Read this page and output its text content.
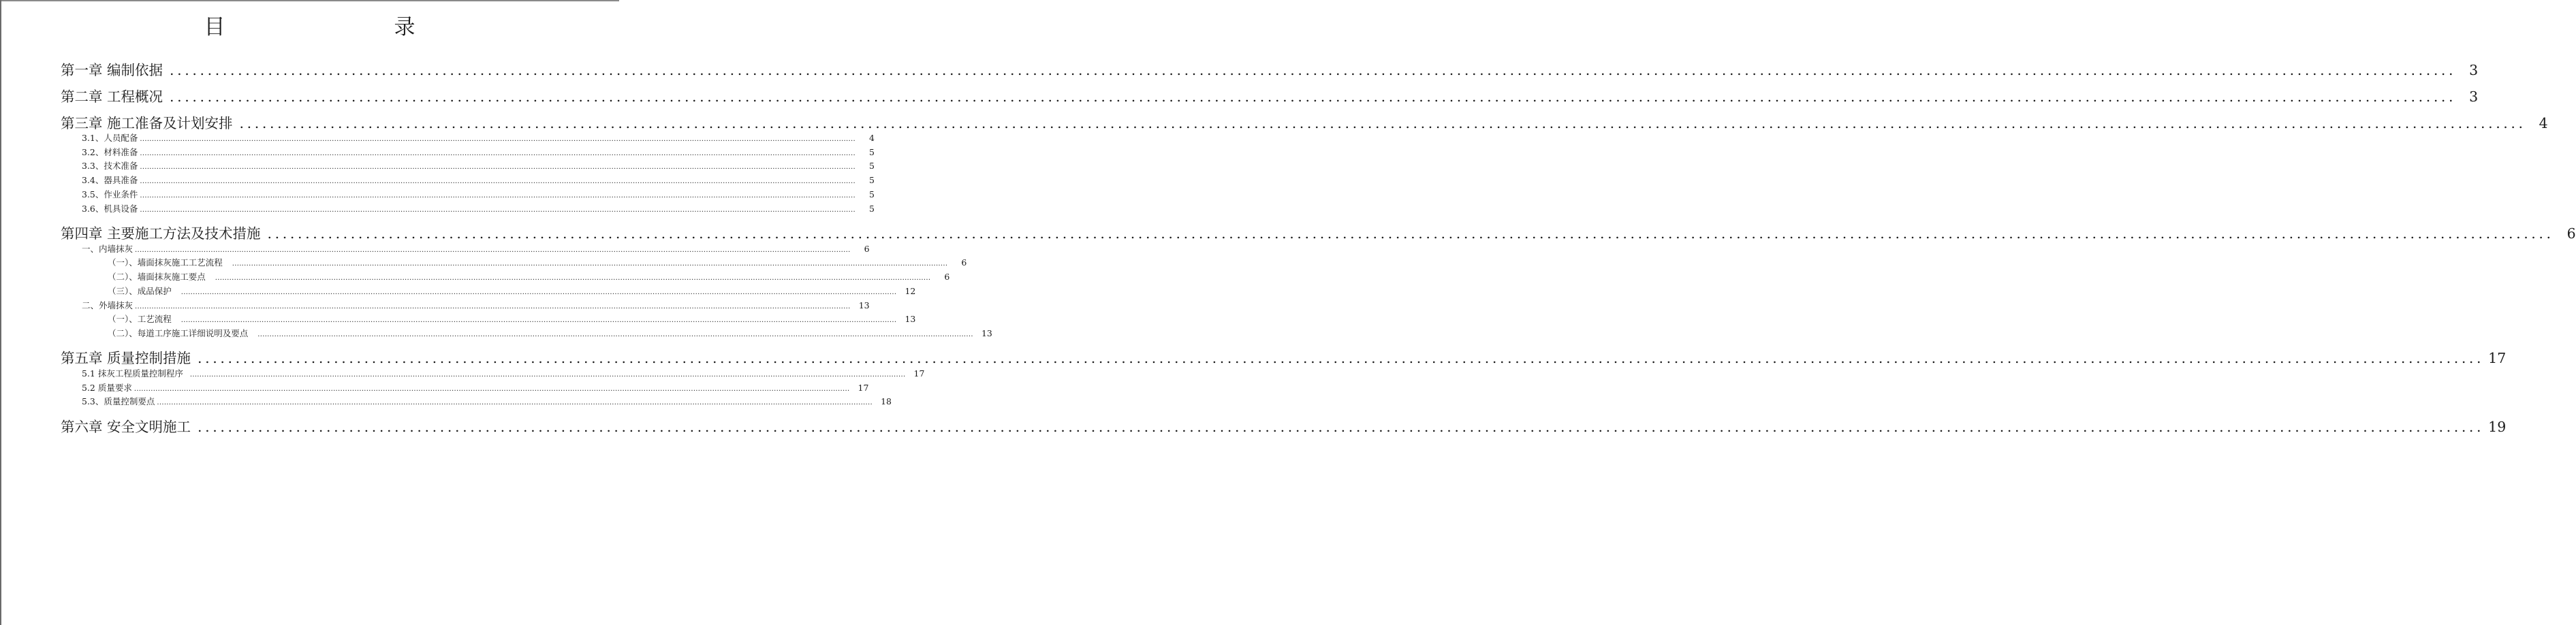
目　　录
第一章 编制依据 .............................................................................................................................................................................................................................................................................................................. 3
第二章 工程概况 .............................................................................................................................................................................................................................................................................................................. 3
第三章 施工准备及计划安排 .............................................................................................................................................................................................................................................................................................................. 4
3.1、人员配备 ..............................................................................................................................................................................................................................................................................................................	4
3.2、材料准备 ..............................................................................................................................................................................................................................................................................................................	5
3.3、技术准备 ..............................................................................................................................................................................................................................................................................................................	5
3.4、器具准备 ..............................................................................................................................................................................................................................................................................................................	5
3.5、作业条件 ..............................................................................................................................................................................................................................................................................................................	5
3.6、机具设备 ..............................................................................................................................................................................................................................................................................................................	5
第四章 主要施工方法及技术措施 .............................................................................................................................................................................................................................................................................................................. 6
一、内墙抹灰 ..............................................................................................................................................................................................................................................................................................................	6
（一）、墙面抹灰施工工艺流程 ..............................................................................................................................................................................................................................................................................................................	6
（二）、墙面抹灰施工要点 ..............................................................................................................................................................................................................................................................................................................	6
（三）、成品保护 .............................................................................................................................................................................................................................................................................................................. 12
二、外墙抹灰 .............................................................................................................................................................................................................................................................................................................. 13
（一）、工艺流程 .............................................................................................................................................................................................................................................................................................................. 13
（二）、每道工序施工详细说明及要点 .............................................................................................................................................................................................................................................................................................................. 13
第五章 质量控制措施 .............................................................................................................................................................................................................................................................................................................. 17
5.1 抹灰工程质量控制程序 .............................................................................................................................................................................................................................................................................................................. 17
5.2 质量要求 .............................................................................................................................................................................................................................................................................................................. 17
5.3、质量控制要点 .............................................................................................................................................................................................................................................................................................................. 18
第六章 安全文明施工 .............................................................................................................................................................................................................................................................................................................. 19
